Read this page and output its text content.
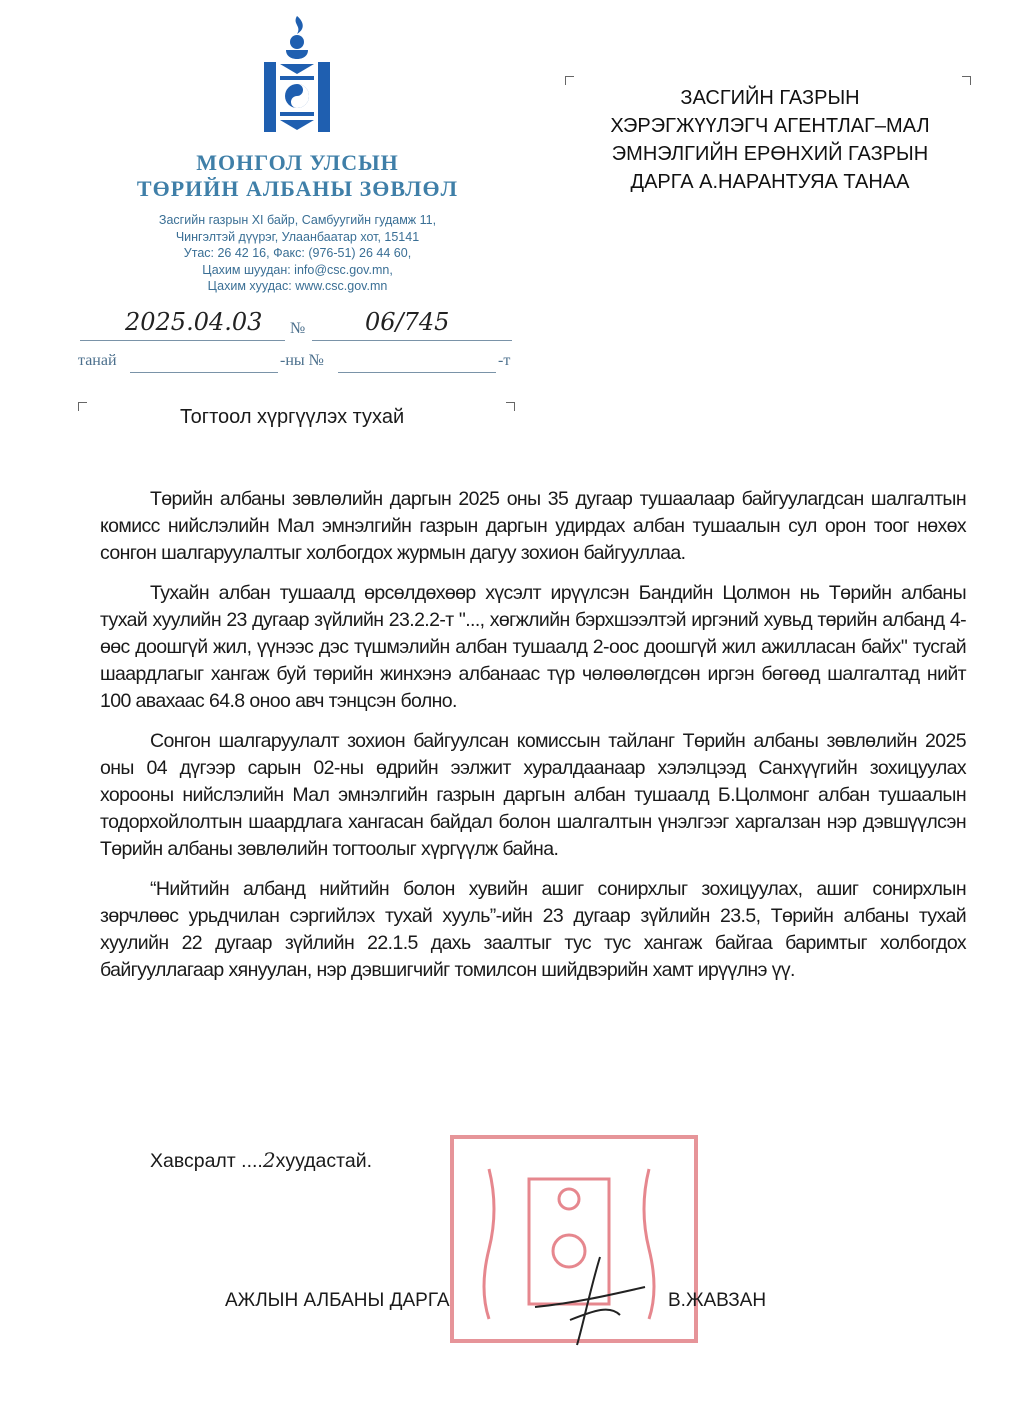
МОНГОЛ УЛСЫН
ТӨРИЙН АЛБАНЫ ЗӨВЛӨЛ
Засгийн газрын XI байр, Самбуугийн гудамж 11,
Чингэлтэй дүүрэг, Улаанбаатар хот, 15141
Утас: 26 42 16, Факс: (976-51) 26 44 60,
Цахим шуудан: info@csc.gov.mn,
Цахим хуудас: www.csc.gov.mn
2025.04.03 № 06/745
танай	-ны №	-т
Тогтоол хүргүүлэх тухай
ЗАСГИЙН ГАЗРЫН
ХЭРЭГЖҮҮЛЭГЧ АГЕНТЛАГ–МАЛ
ЭМНЭЛГИЙН ЕРӨНХИЙ ГАЗРЫН
ДАРГА А.НАРАНТУЯА ТАНАА

Төрийн албаны зөвлөлийн даргын 2025 оны 35 дугаар тушаалаар байгуулагдсан шалгалтын комисс нийслэлийн Мал эмнэлгийн газрын даргын удирдах албан тушаалын сул орон тоог нөхөх сонгон шалгаруулалтыг холбогдох журмын дагуу зохион байгууллаа.

Тухайн албан тушаалд өрсөлдөхөөр хүсэлт ирүүлсэн Бандийн Цолмон нь Төрийн албаны тухай хуулийн 23 дугаар зүйлийн 23.2.2-т "..., хөгжлийн бэрхшээлтэй иргэний хувьд төрийн албанд 4-өөс доошгүй жил, үүнээс дэс түшмэлийн албан тушаалд 2-оос доошгүй жил ажилласан байх" тусгай шаардлагыг хангаж буй төрийн жинхэнэ албанаас түр чөлөөлөгдсөн иргэн бөгөөд шалгалтад нийт 100 авахаас 64.8 оноо авч тэнцсэн болно.

Сонгон шалгаруулалт зохион байгуулсан комиссын тайланг Төрийн албаны зөвлөлийн 2025 оны 04 дүгээр сарын 02-ны өдрийн ээлжит хуралдаанаар хэлэлцээд Санхүүгийн зохицуулах хорооны нийслэлийн Мал эмнэлгийн газрын даргын албан тушаалд Б.Цолмонг албан тушаалын тодорхойлолтын шаардлага хангасан байдал болон шалгалтын үнэлгээг харгалзан нэр дэвшүүлсэн Төрийн албаны зөвлөлийн тогтоолыг хүргүүлж байна.

“Нийтийн албанд нийтийн болон хувийн ашиг сонирхлыг зохицуулах, ашиг сонирхлын зөрчлөөс урьдчилан сэргийлэх тухай хууль”-ийн 23 дугаар зүйлийн 23.5, Төрийн албаны тухай хуулийн 22 дугаар зүйлийн 22.1.5 дахь заалтыг тус тус хангаж байгаа баримтыг холбогдох байгууллагаар хянуулан, нэр дэвшигчийг томилсон шийдвэрийн хамт ирүүлнэ үү.

Хавсралт ....2хуудастай.
АЖЛЫН АЛБАНЫ ДАРГА	В.ЖАВЗАН
